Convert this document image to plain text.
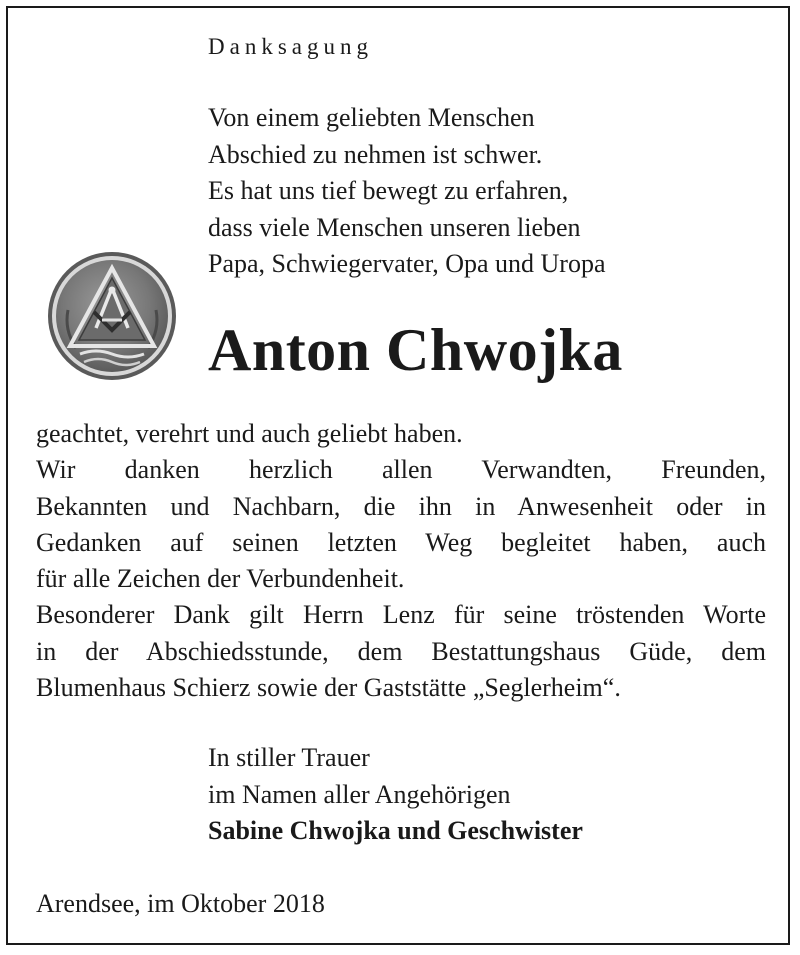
Danksagung
Von einem geliebten Menschen
Abschied zu nehmen ist schwer.
Es hat uns tief bewegt zu erfahren,
dass viele Menschen unseren lieben
Papa, Schwiegervater, Opa und Uropa
Anton Chwojka
geachtet, verehrt und auch geliebt haben.
Wir danken herzlich allen Verwandten, Freunden,
Bekannten und Nachbarn, die ihn in Anwesenheit oder in
Gedanken auf seinen letzten Weg begleitet haben, auch
für alle Zeichen der Verbundenheit.
Besonderer Dank gilt Herrn Lenz für seine tröstenden Worte
in der Abschiedsstunde, dem Bestattungshaus Güde, dem
Blumenhaus Schierz sowie der Gaststätte „Seglerheim“.
In stiller Trauer
im Namen aller Angehörigen
Sabine Chwojka und Geschwister
Arendsee, im Oktober 2018
